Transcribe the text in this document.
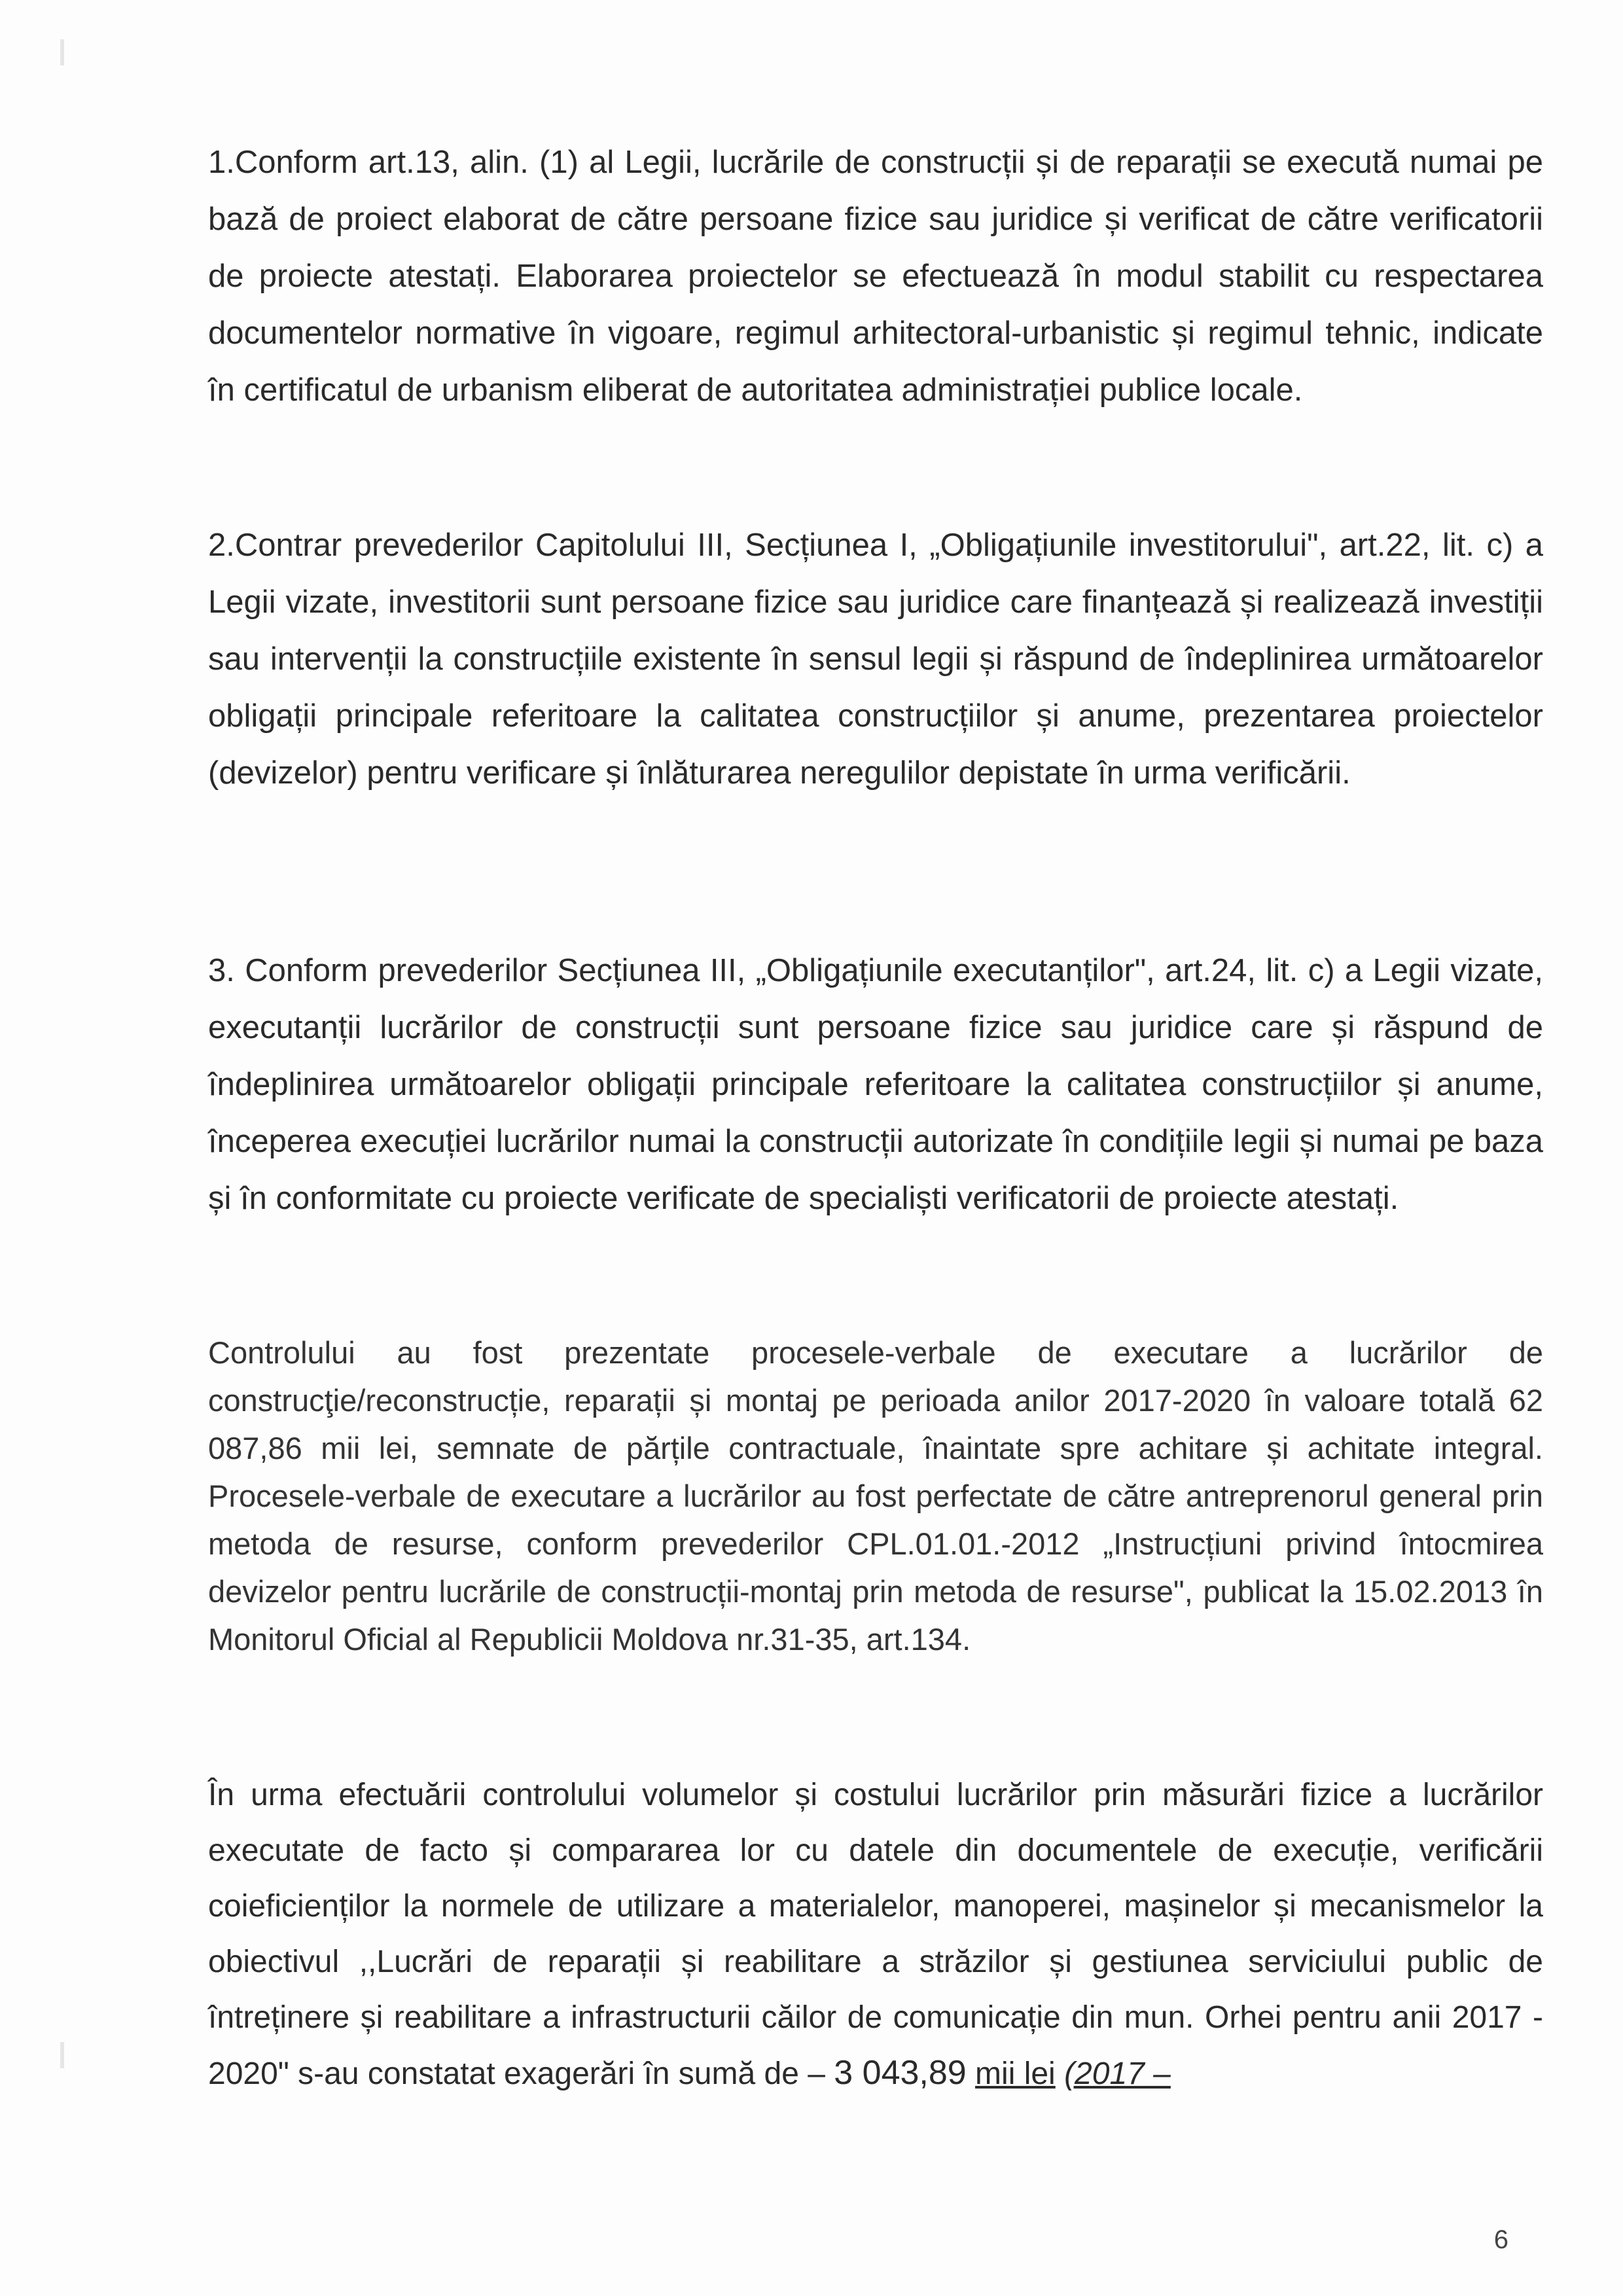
1.Conform art.13, alin. (1) al Legii, lucrările de construcții și de reparații se execută numai pe bază de proiect elaborat de către persoane fizice sau juridice și verificat de către verificatorii de proiecte atestați. Elaborarea proiectelor se efectuează în modul stabilit cu respectarea documentelor normative în vigoare, regimul arhitectoral-urbanistic și regimul tehnic, indicate în certificatul de urbanism eliberat de autoritatea administrației publice locale.

2.Contrar prevederilor Capitolului III, Secțiunea I, „Obligațiunile investitorului", art.22, lit. c) a Legii vizate, investitorii sunt persoane fizice sau juridice care finanțează și realizează investiții sau intervenții la construcțiile existente în sensul legii și răspund de îndeplinirea următoarelor obligații principale referitoare la calitatea construcțiilor și anume, prezentarea proiectelor (devizelor) pentru verificare și înlăturarea neregulilor depistate în urma verificării.

3. Conform prevederilor Secțiunea III, „Obligațiunile executanților", art.24, lit. c) a Legii vizate, executanții lucrărilor de construcții sunt persoane fizice sau juridice care și răspund de îndeplinirea următoarelor obligații principale referitoare la calitatea construcțiilor și anume, începerea execuției lucrărilor numai la construcții autorizate în condițiile legii și numai pe baza și în conformitate cu proiecte verificate de specialiști verificatorii de proiecte atestați.

Controlului au fost prezentate procesele-verbale de executare a lucrărilor de construcţie/reconstrucție, reparații și montaj pe perioada anilor 2017-2020 în valoare totală 62 087,86 mii lei, semnate de părțile contractuale, înaintate spre achitare și achitate integral. Procesele-verbale de executare a lucrărilor au fost perfectate de către antreprenorul general prin metoda de resurse, conform prevederilor CPL.01.01.-2012 „Instrucțiuni privind întocmirea devizelor pentru lucrările de construcții-montaj prin metoda de resurse", publicat la 15.02.2013 în Monitorul Oficial al Republicii Moldova nr.31-35, art.134.

În urma efectuării controlului volumelor și costului lucrărilor prin măsurări fizice a lucrărilor executate de facto și compararea lor cu datele din documentele de execuție, verificării coieficienților la normele de utilizare a materialelor, manoperei, mașinelor și mecanismelor la obiectivul ,,Lucrări de reparații și reabilitare a străzilor și gestiunea serviciului public de întreținere și reabilitare a infrastructurii căilor de comunicație din mun. Orhei pentru anii 2017 - 2020" s-au constatat exagerări în sumă de – 3 043,89 mii lei (2017 –

6
